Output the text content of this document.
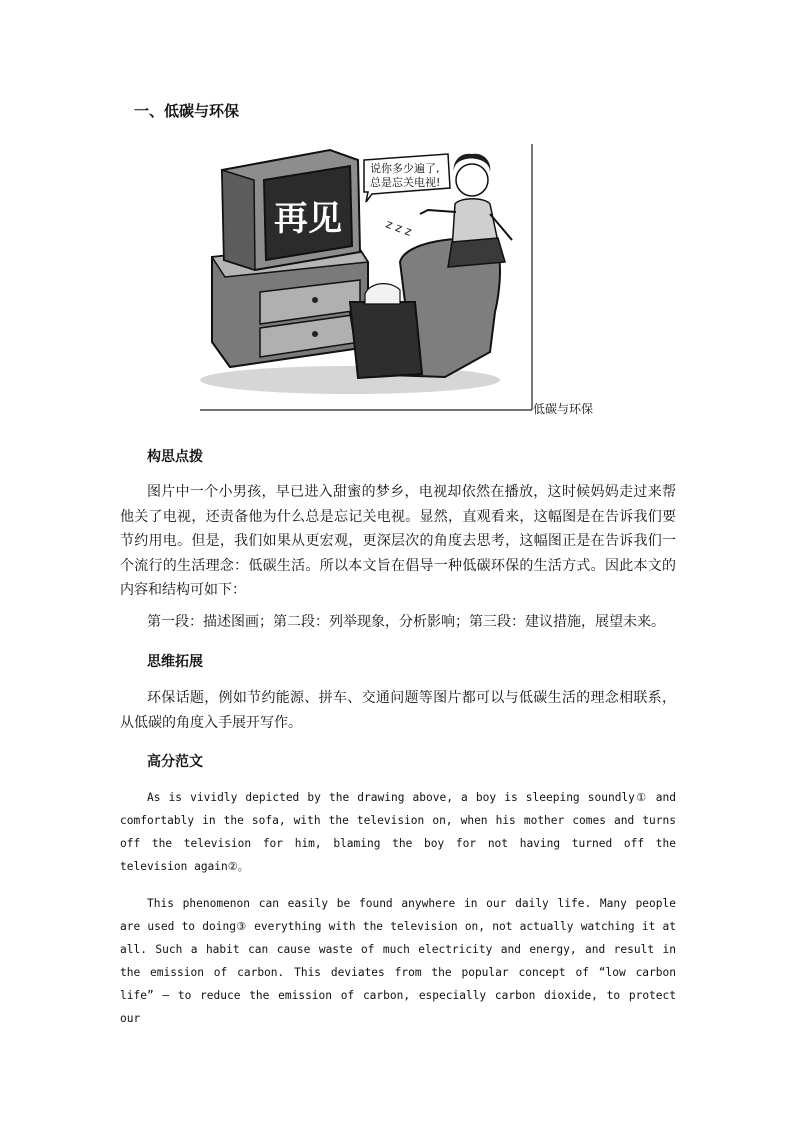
一、低碳与环保
再见	z z z
说你多少遍了,
总是忘关电视!
低碳与环保
构思点拨

图片中一个小男孩，早已进入甜蜜的梦乡，电视却依然在播放，这时候妈妈走过来帮他关了电视，还责备他为什么总是忘记关电视。显然，直观看来，这幅图是在告诉我们要节约用电。但是，我们如果从更宏观，更深层次的角度去思考，这幅图正是在告诉我们一个流行的生活理念：低碳生活。所以本文旨在倡导一种低碳环保的生活方式。因此本文的内容和结构可如下：

第一段：描述图画；第二段：列举现象，分析影响；第三段：建议措施，展望未来。

思维拓展

环保话题，例如节约能源、拼车、交通问题等图片都可以与低碳生活的理念相联系，从低碳的角度入手展开写作。

高分范文

As is vividly depicted by the drawing above, a boy is sleeping soundly① and comfortably in the sofa, with the television on, when his mother comes and turns off the television for him, blaming the boy for not having turned off the television again②。

This phenomenon can easily be found anywhere in our daily life. Many people are used to doing③ everything with the television on, not actually watching it at all. Such a habit can cause waste of much electricity and energy, and result in the emission of carbon. This deviates from the popular concept of “low carbon life” — to reduce the emission of carbon, especially carbon dioxide, to protect our
